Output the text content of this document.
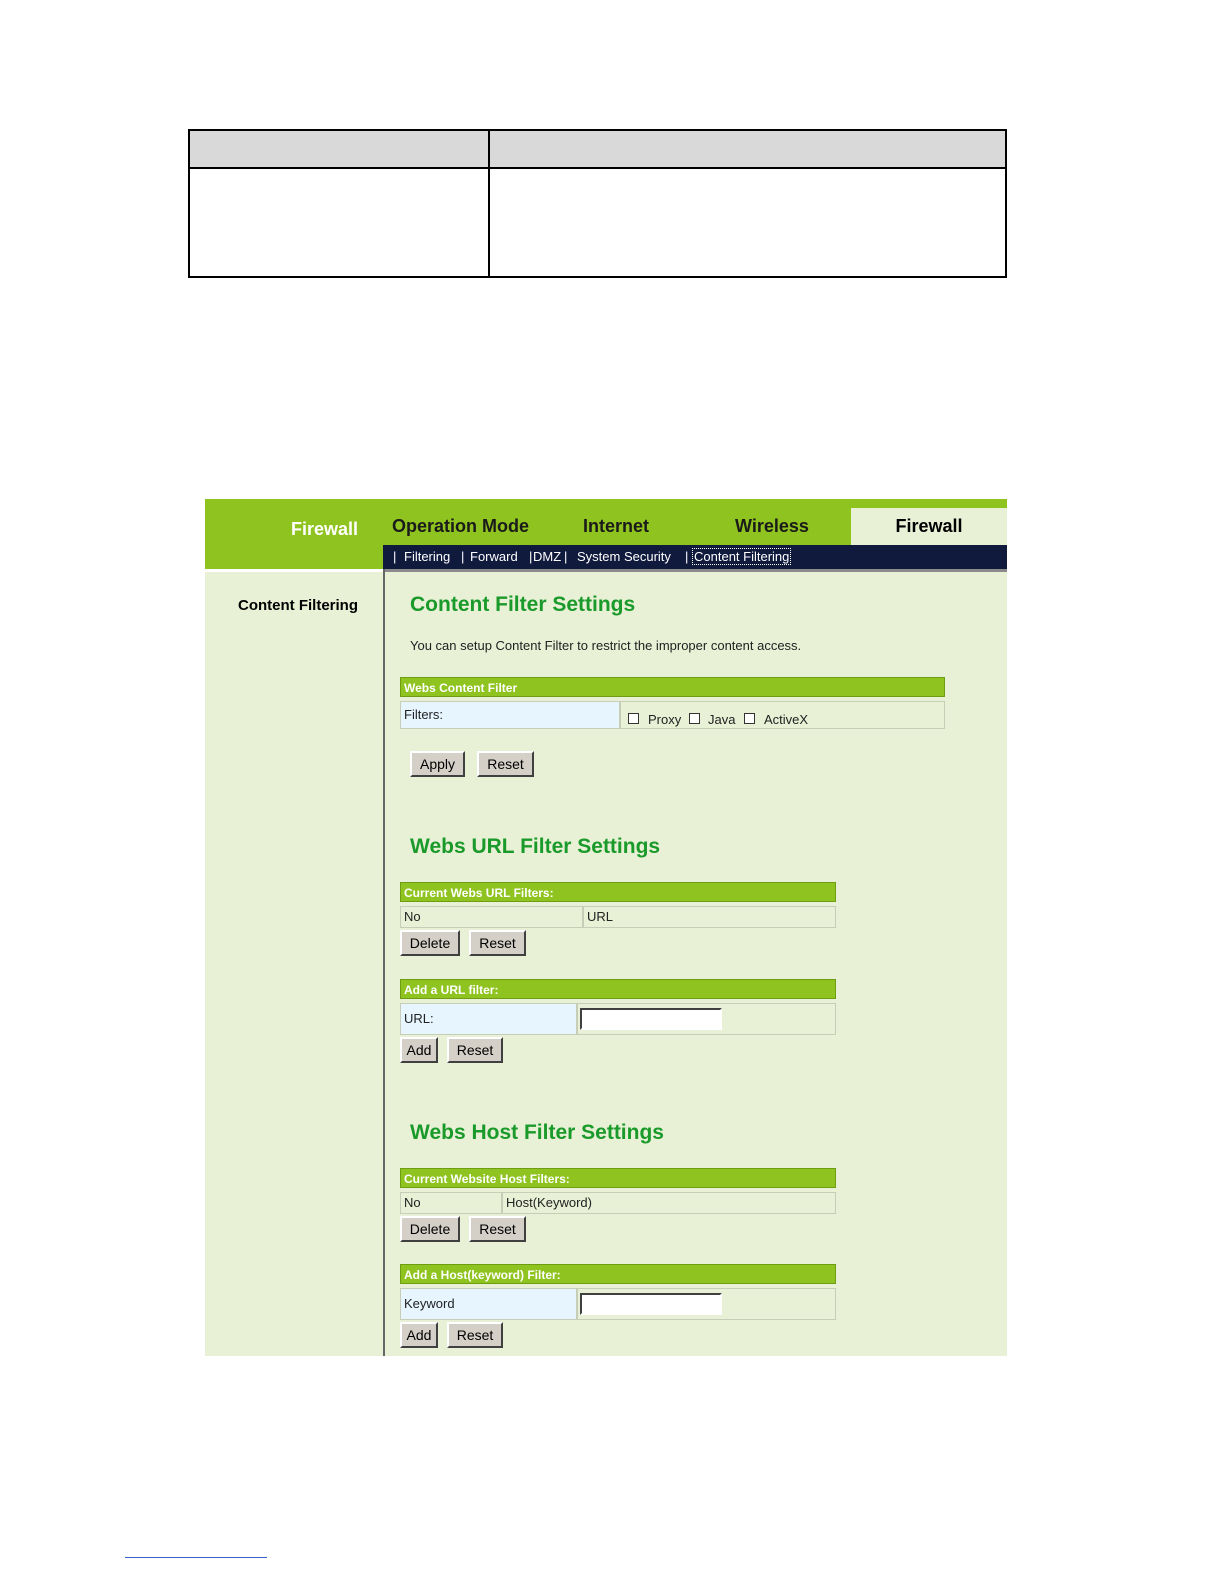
Firewall Operation Mode	Internet	Wireless	Firewall
| Filtering | Forward | DMZ | System Security | Content Filtering
Content Filtering Content Filter Settings
You can setup Content Filter to restrict the improper content access.
Webs Content Filter
Filters:	Proxy Java ActiveX
Apply	Reset
Webs URL Filter Settings
Current Webs URL Filters:
No	URL
Delete	Reset
Add a URL filter:
URL:
Add	Reset
Webs Host Filter Settings
Current Website Host Filters:
No	Host(Keyword)
Delete	Reset
Add a Host(keyword) Filter:
Keyword
Add	Reset
